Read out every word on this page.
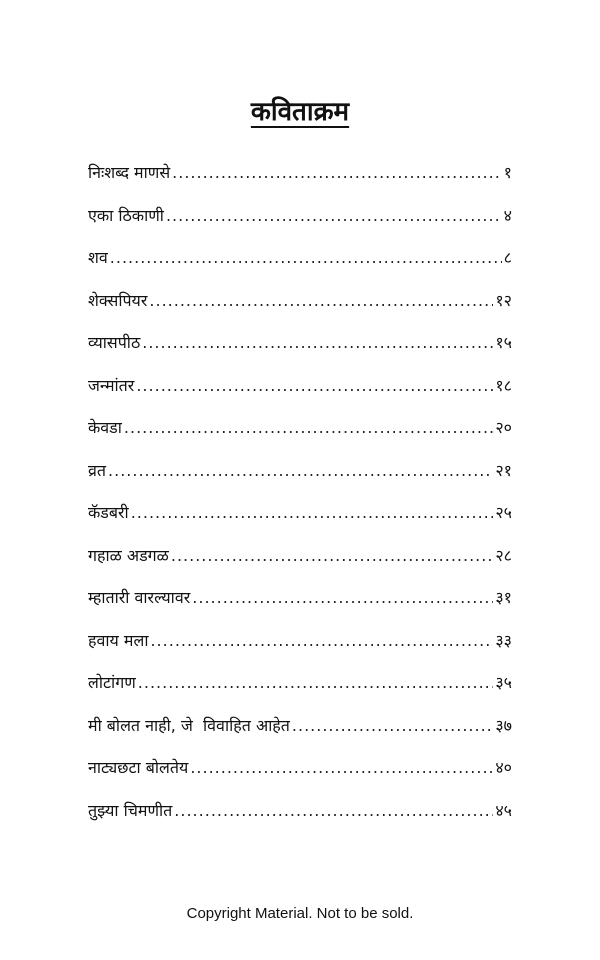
कविताक्रम
निःशब्द माणसे .....	१
एका ठिकाणी .....	४
शव .....	८
शेक्सपियर .....	१२
व्यासपीठ .....	१५
जन्मांतर .....	१८
केवडा .....	२०
व्रत .....	२१
कॅडबरी .....	२५
गहाळ अडगळ .....	२८
म्हातारी वारल्यावर .....	३१
हवाय मला .....	३३
लोटांगण .....	३५
मी बोलत नाही, जे  विवाहित आहेत .....	३७
नाट्यछटा बोलतेय .....	४०
तुझ्या चिमणीत .....	४५
Copyright Material. Not to be sold.
